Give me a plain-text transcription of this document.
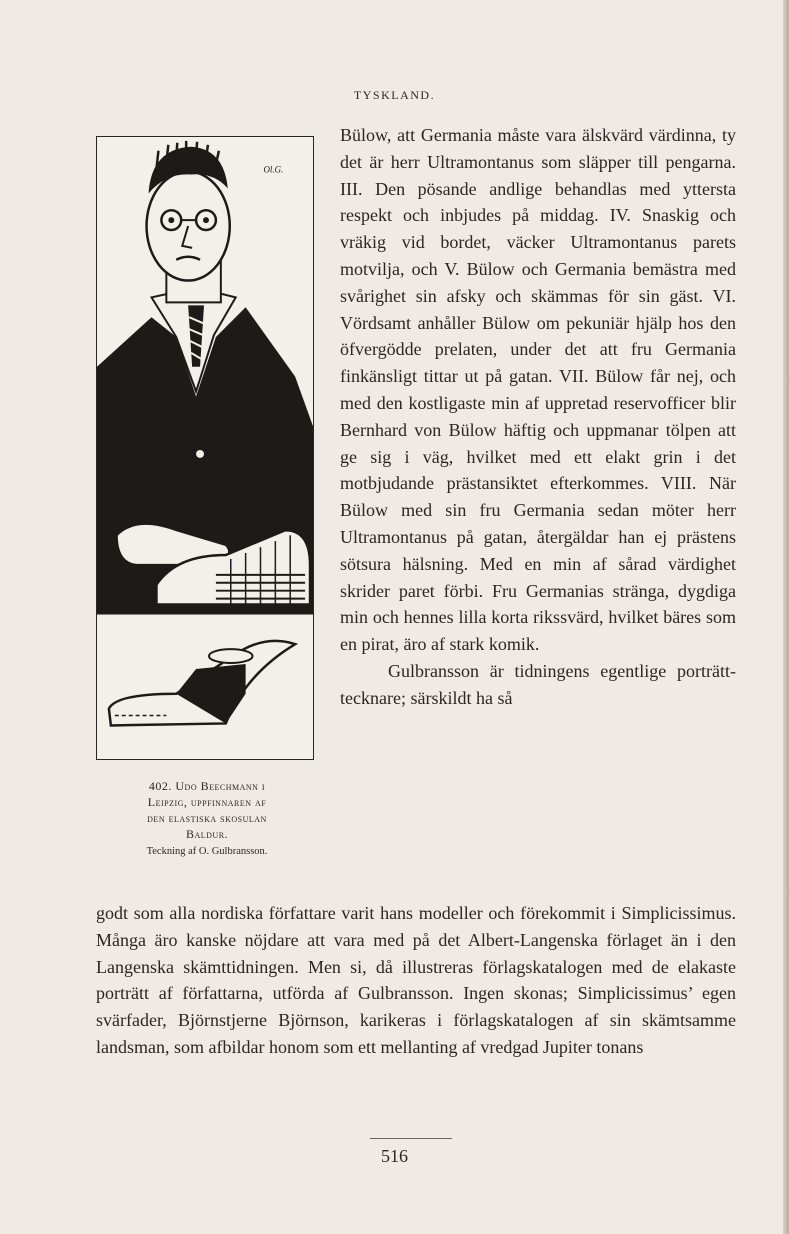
TYSKLAND.
Ol.G.
402. Udo Beechmann i
Leipzig, uppfinnaren af
den elastiska skosulan
Baldur.
Teckning af O. Gulbransson.

Bülow, att Germania måste vara älskvärd värdinna, ty det är herr Ultramontanus som släpper till pengarna. III. Den pösande andlige behandlas med yttersta respekt och inbjudes på middag. IV. Snaskig och vräkig vid bordet, väcker Ultramontanus parets motvilja, och V. Bülow och Germania bemästra med svårighet sin afsky och skämmas för sin gäst. VI. Vördsamt anhåller Bülow om pekuniär hjälp hos den öfvergödde prelaten, under det att fru Germania finkänsligt tittar ut på gatan. VII. Bülow får nej, och med den kostligaste min af uppretad reservofficer blir Bernhard von Bülow häftig och uppmanar tölpen att ge sig i väg, hvilket med ett elakt grin i det motbjudande prästansiktet efterkommes. VIII. När Bülow med sin fru Germania sedan möter herr Ultramontanus på gatan, återgäldar han ej prästens sötsura hälsning. Med en min af sårad värdighet skrider paret förbi. Fru Germanias stränga, dygdiga min och hennes lilla korta rikssvärd, hvilket bäres som en pirat, äro af stark komik.

Gulbransson är tidningens egentlige porträtt-tecknare; särskildt ha så

godt som alla nordiska författare varit hans modeller och förekommit i Simplicissimus. Många äro kanske nöjdare att vara med på det Albert-Langenska förlaget än i den Langenska skämttidningen. Men si, då illustreras förlagskatalogen med de elakaste porträtt af författarna, utförda af Gulbransson. Ingen skonas; Simplicissimus’ egen svärfader, Björnstjerne Björnson, karikeras i förlagskatalogen af sin skämtsamme landsman, som afbildar honom som ett mellanting af vredgad Jupiter tonans

516
